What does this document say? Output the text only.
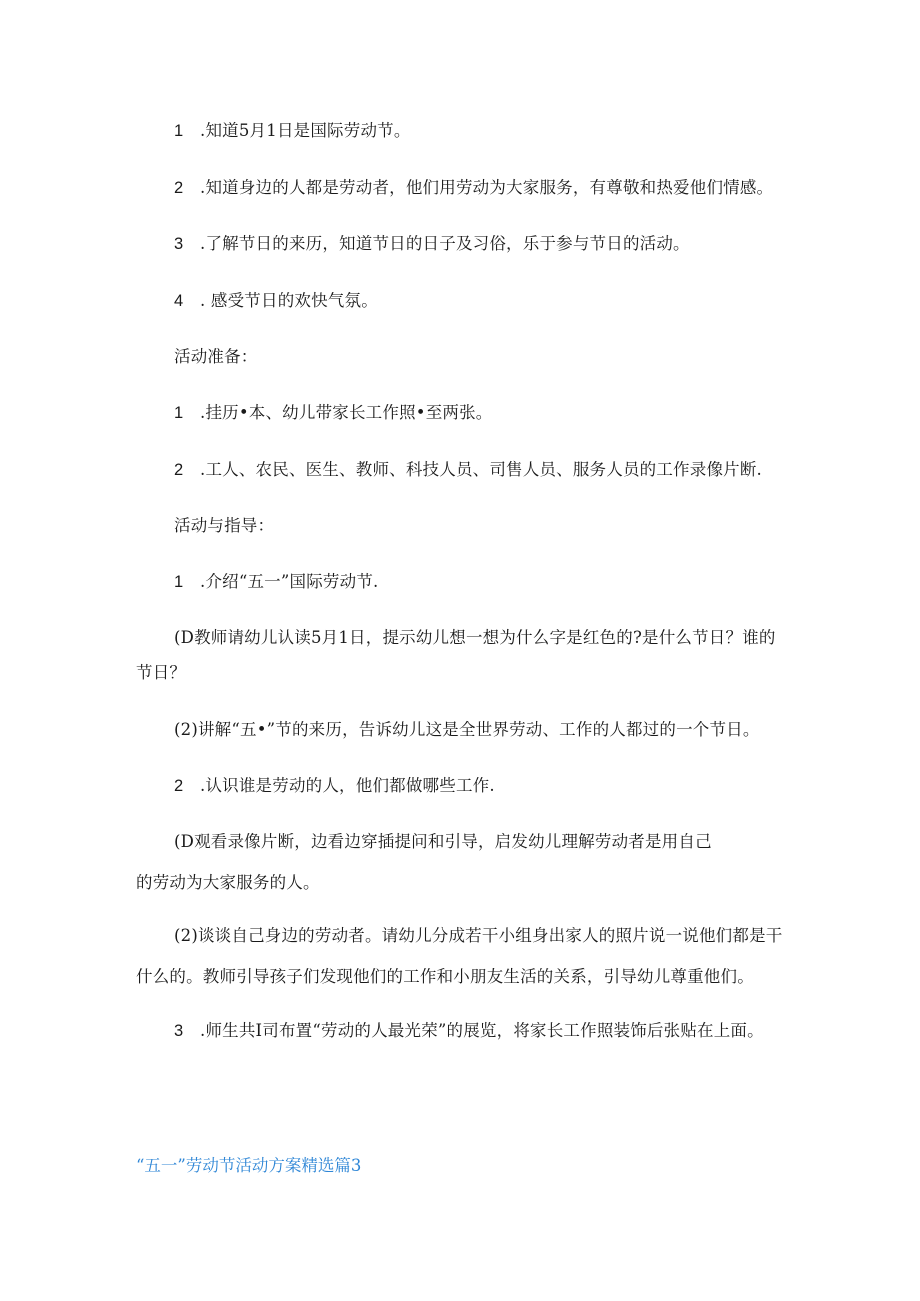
1 .知道5月1日是国际劳动节。
2 .知道身边的人都是劳动者，他们用劳动为大家服务，有尊敬和热爱他们情感。
3 .了解节日的来历，知道节日的日子及习俗，乐于参与节日的活动。
4 . 感受节日的欢快气氛。
活动准备：
1 .挂历•本、幼儿带家长工作照•至两张。
2 .工人、农民、医生、教师、科技人员、司售人员、服务人员的工作录像片断.
活动与指导：
1 .介绍“五一”国际劳动节.
(D教师请幼儿认读5月1日，提示幼儿想一想为什么字是红色的?是什么节日？谁的
节日？
(2)讲解“五•”节的来历，告诉幼儿这是全世界劳动、工作的人都过的一个节日。
2 .认识谁是劳动的人，他们都做哪些工作.
(D观看录像片断，边看边穿插提问和引导，启发幼儿理解劳动者是用自己
的劳动为大家服务的人。
(2)谈谈自己身边的劳动者。请幼儿分成若干小组身出家人的照片说一说他们都是干
什么的。教师引导孩子们发现他们的工作和小朋友生活的关系，引导幼儿尊重他们。
3 .师生共I司布置“劳动的人最光荣”的展览，将家长工作照装饰后张贴在上面。
“五一”劳动节活动方案精选篇3
